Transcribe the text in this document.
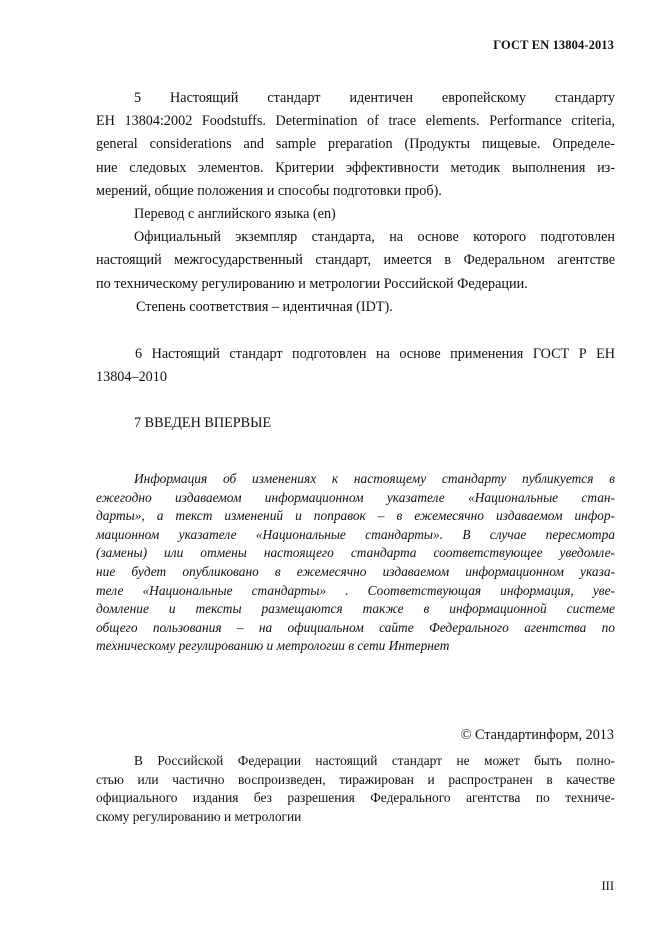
ГОСТ EN 13804-2013
5 Настоящий стандарт идентичен европейскому стандарту
ЕН 13804:2002 Foodstuffs. Determination of trace elements. Performance criteria,
general considerations and sample preparation (Продукты пищевые. Определе-
ние следовых элементов. Критерии эффективности методик выполнения из-
мерений, общие положения и способы подготовки проб).
Перевод с английского языка (en)
Официальный экземпляр стандарта, на основе которого подготовлен
настоящий межгосударственный стандарт, имеется в Федеральном агентстве
по техническому регулированию и метрологии Российской Федерации.
Степень соответствия – идентичная (IDT).
6 Настоящий стандарт подготовлен на основе применения ГОСТ Р ЕН
13804–2010
7 ВВЕДЕН ВПЕРВЫЕ
Информация об изменениях к настоящему стандарту публикуется в
ежегодно издаваемом информационном указателе «Национальные стан-
дарты», а текст изменений и поправок – в ежемесячно издаваемом инфор-
мационном указателе «Национальные стандарты». В случае пересмотра
(замены) или отмены настоящего стандарта соответствующее уведомле-
ние будет опубликовано в ежемесячно издаваемом информационном указа-
теле «Национальные стандарты» . Соответствующая информация, уве-
домление и тексты размещаются также в информационной системе
общего пользования – на официальном сайте Федерального агентства по
техническому регулированию и метрологии в сети Интернет
© Стандартинформ, 2013
В Российской Федерации настоящий стандарт не может быть полно-
стью или частично воспроизведен, тиражирован и распространен в качестве
официального издания без разрешения Федерального агентства по техниче-
скому регулированию и метрологии
III
